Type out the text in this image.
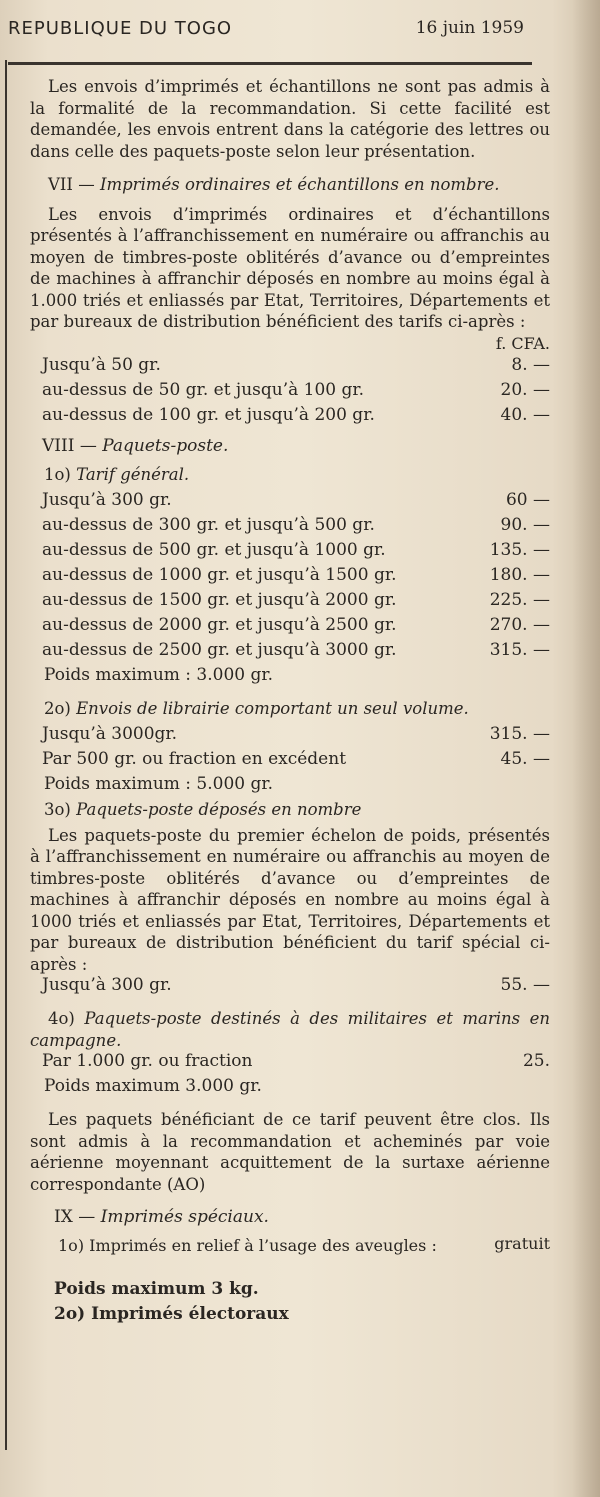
REPUBLIQUE DU TOGO	16 juin 1959

Les envois d’imprimés et échantillons ne sont pas admis à la formalité de la recommandation. Si cette facilité est demandée, les envois entrent dans la catégorie des lettres ou dans celle des paquets-poste selon leur présentation.

VII — Imprimés ordinaires et échantillons en nombre.

Les envois d’imprimés ordinaires et d’échantillons présentés à l’affranchissement en numéraire ou affranchis au moyen de timbres-poste oblitérés d’avance ou d’empreintes de machines à affranchir déposés en nombre au moins égal à 1.000 triés et enliassés par Etat, Territoires, Départements et par bureaux de distribution bénéficient des tarifs ci-après :

f. CFA.
Jusqu’à 50 gr.	8. —
au-dessus de 50 gr. et jusqu’à 100 gr.	20. —
au-dessus de 100 gr. et jusqu’à 200 gr.	40. —
VIII — Paquets-poste.
1o) Tarif général.
Jusqu’à 300 gr.	60 —
au-dessus de 300 gr. et jusqu’à 500 gr.	90. —
au-dessus de 500 gr. et jusqu’à 1000 gr.	135. —
au-dessus de 1000 gr. et jusqu’à 1500 gr.	180. —
au-dessus de 1500 gr. et jusqu’à 2000 gr.	225. —
au-dessus de 2000 gr. et jusqu’à 2500 gr.	270. —
au-dessus de 2500 gr. et jusqu’à 3000 gr.	315. —
Poids maximum : 3.000 gr.
2o) Envois de librairie comportant un seul volume.
Jusqu’à 3000gr.	315. —
Par 500 gr. ou fraction en excédent	45. —
Poids maximum : 5.000 gr.
3o) Paquets-poste déposés en nombre

Les paquets-poste du premier échelon de poids, présentés à l’affranchissement en numéraire ou affranchis au moyen de timbres-poste oblitérés d’avance ou d’empreintes de machines à affranchir déposés en nombre au moins égal à 1000 triés et enliassés par Etat, Territoires, Départements et par bureaux de distribution bénéficient du tarif spécial ci-après :

Jusqu’à 300 gr.	55. —

4o) Paquets-poste destinés à des militaires et marins en campagne.

Par 1.000 gr. ou fraction	25.
Poids maximum 3.000 gr.

Les paquets bénéficiant de ce tarif peuvent être clos. Ils sont admis à la recommandation et acheminés par voie aérienne moyennant acquittement de la surtaxe aérienne correspondante (AO)

IX — Imprimés spéciaux.
1o) Imprimés en relief à l’usage des aveugles :	gratuit
Poids maximum 3 kg.
2o) Imprimés électoraux
